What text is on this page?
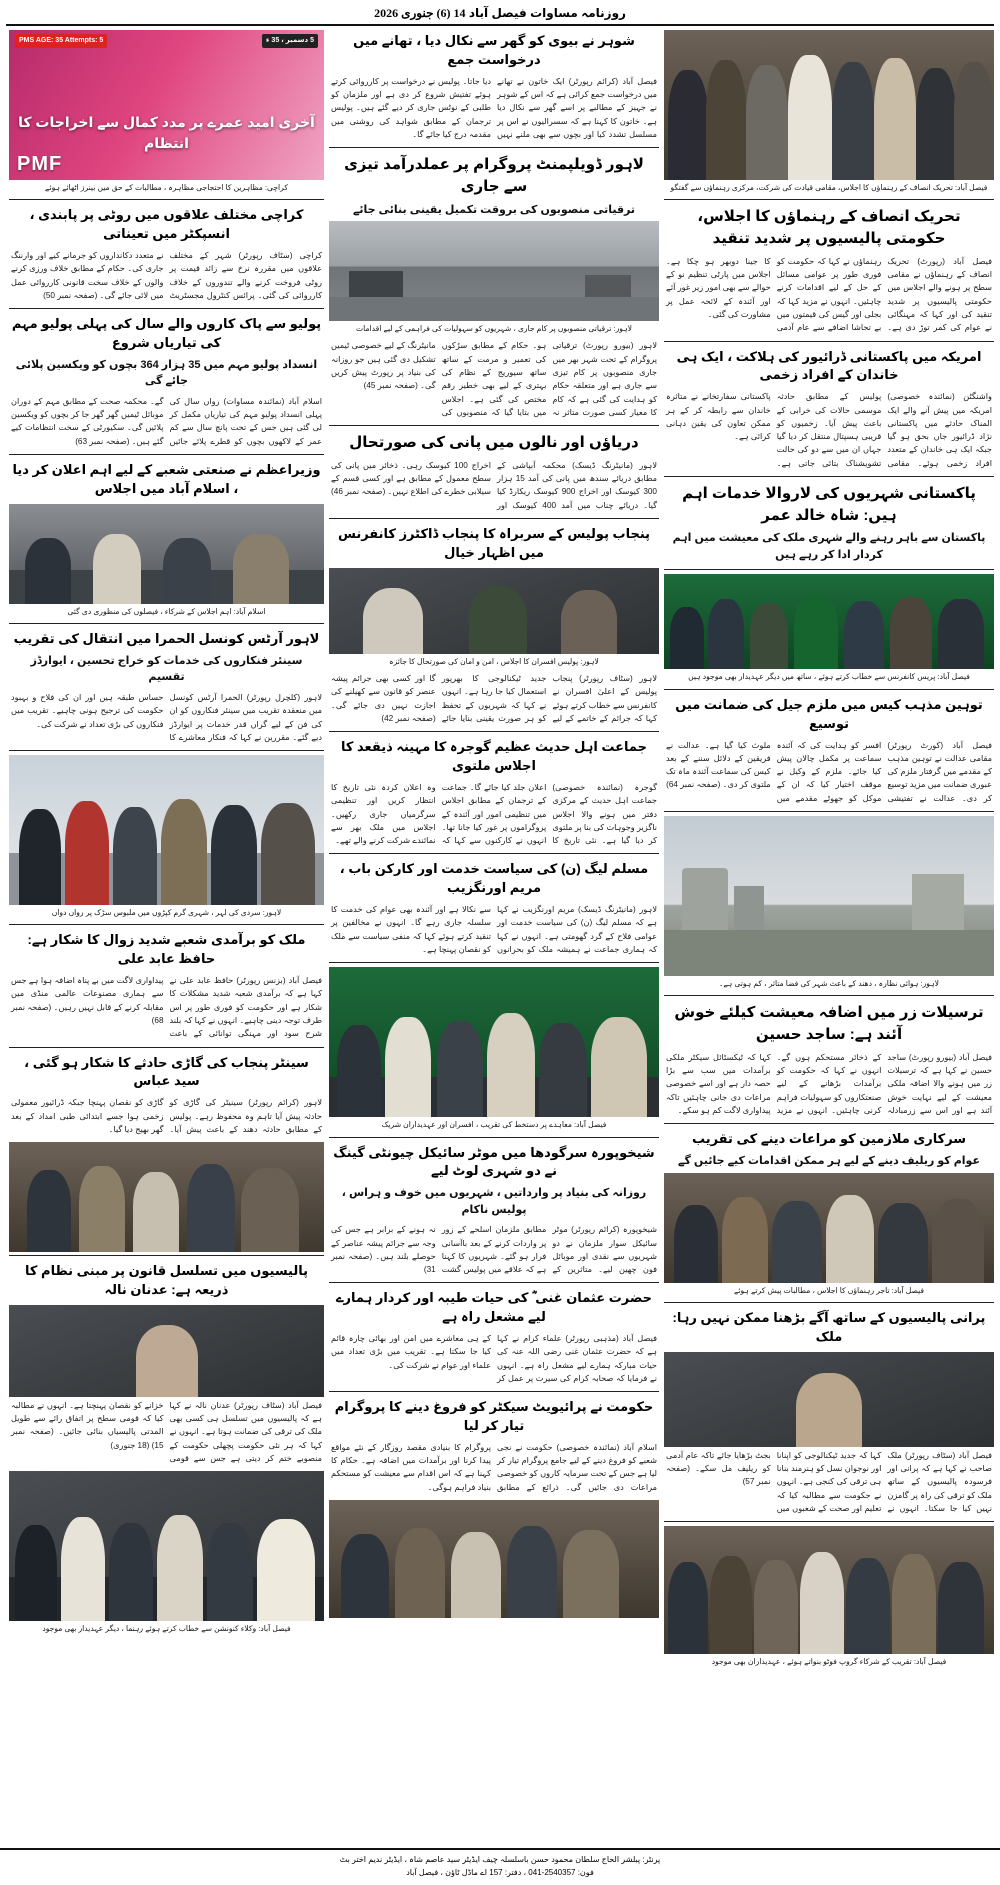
روزنامہ مساوات فیصل آباد 14 (6) جنوری 2026
فیصل آباد: تحریک انصاف کے رہنماؤں کا اجلاس، مقامی قیادت کی شرکت، مرکزی رہنماؤں سے گفتگو
تحریک انصاف کے رہنماؤں کا اجلاس، حکومتی پالیسیوں پر شدید تنقید
فیصل آباد (رپورٹ) تحریک انصاف کے رہنماؤں نے مقامی سطح پر ہونے والے اجلاس میں حکومتی پالیسیوں پر شدید تنقید کی اور کہا کہ مہنگائی نے عوام کی کمر توڑ دی ہے۔ رہنماؤں نے کہا کہ حکومت کو فوری طور پر عوامی مسائل کے حل کے لیے اقدامات کرنے چاہئیں۔ انہوں نے مزید کہا کہ بجلی اور گیس کی قیمتوں میں بے تحاشا اضافے سے عام آدمی کا جینا دوبھر ہو چکا ہے۔ اجلاس میں پارٹی تنظیم نو کے حوالے سے بھی امور زیر غور آئے اور آئندہ کے لائحہ عمل پر مشاورت کی گئی۔
امریکہ میں پاکستانی ڈرائیور کی ہلاکت ، ایک ہی خاندان کے افراد زخمی
واشنگٹن (نمائندہ خصوصی) امریکہ میں پیش آنے والے ایک المناک حادثے میں پاکستانی نژاد ڈرائیور جاں بحق ہو گیا جبکہ ایک ہی خاندان کے متعدد افراد زخمی ہوئے۔ مقامی پولیس کے مطابق حادثہ موسمی حالات کی خرابی کے باعث پیش آیا۔ زخمیوں کو قریبی ہسپتال منتقل کر دیا گیا جہاں ان میں سے دو کی حالت تشویشناک بتائی جاتی ہے۔ پاکستانی سفارتخانے نے متاثرہ خاندان سے رابطہ کر کے ہر ممکن تعاون کی یقین دہانی کرائی ہے۔
پاکستانی شہریوں کی لاروالا خدمات اہم ہیں: شاہ خالد عمر
پاکستان سے باہر رہنے والے شہری ملک کی معیشت میں اہم کردار ادا کر رہے ہیں
فیصل آباد: پریس کانفرنس سے خطاب کرتے ہوئے ، ساتھ میں دیگر عہدیدار بھی موجود ہیں
توہین مذہب کیس میں ملزم جیل کی ضمانت میں توسیع
فیصل آباد (کورٹ رپورٹر) مقامی عدالت نے توہین مذہب کے مقدمے میں گرفتار ملزم کی عبوری ضمانت میں مزید توسیع کر دی۔ عدالت نے تفتیشی افسر کو ہدایت کی کہ آئندہ سماعت پر مکمل چالان پیش کیا جائے۔ ملزم کے وکیل نے موقف اختیار کیا کہ ان کے موکل کو جھوٹے مقدمے میں ملوث کیا گیا ہے۔ عدالت نے فریقین کے دلائل سننے کے بعد کیس کی سماعت آئندہ ماہ تک ملتوی کر دی۔ (صفحہ نمبر 64)
لاہور: ہوائی نظارہ ، دھند کے باعث شہر کی فضا متاثر ، کم ہوتی ہے۔
ترسیلات زر میں اضافہ معیشت کیلئے خوش آئند ہے: ساجد حسین
فیصل آباد (بیورو رپورٹ) ساجد حسین نے کہا ہے کہ ترسیلات زر میں ہونے والا اضافہ ملکی معیشت کے لیے نہایت خوش آئند ہے اور اس سے زرمبادلہ کے ذخائر مستحکم ہوں گے۔ انہوں نے کہا کہ حکومت کو برآمدات بڑھانے کے لیے صنعتکاروں کو سہولیات فراہم کرنی چاہئیں۔ انہوں نے مزید کہا کہ ٹیکسٹائل سیکٹر ملکی برآمدات میں سب سے بڑا حصہ دار ہے اور اسے خصوصی مراعات دی جانی چاہئیں تاکہ پیداواری لاگت کم ہو سکے۔
سرکاری ملازمین کو مراعات دینے کی تقریب
عوام کو ریلیف دینے کے لیے ہر ممکن اقدامات کیے جائیں گے
فیصل آباد: تاجر رہنماؤں کا اجلاس ، مطالبات پیش کرتے ہوئے
پرانی پالیسیوں کے ساتھ آگے بڑھنا ممکن نہیں رہا: ملک
فیصل آباد (سٹاف رپورٹر) ملک صاحب نے کہا ہے کہ پرانی اور فرسودہ پالیسیوں کے ساتھ ملک کو ترقی کی راہ پر گامزن نہیں کیا جا سکتا۔ انہوں نے کہا کہ جدید ٹیکنالوجی کو اپنانا اور نوجوان نسل کو ہنرمند بنانا ہی ترقی کی کنجی ہے۔ انہوں نے حکومت سے مطالبہ کیا کہ تعلیم اور صحت کے شعبوں میں بجٹ بڑھایا جائے تاکہ عام آدمی کو ریلیف مل سکے۔ (صفحہ نمبر 57)
فیصل آباد: تقریب کے شرکاء گروپ فوٹو بنواتے ہوئے ، عہدیداران بھی موجود
شوہر نے بیوی کو گھر سے نکال دیا ، تھانے میں درخواست جمع
فیصل آباد (کرائم رپورٹر) ایک خاتون نے تھانے میں درخواست جمع کرائی ہے کہ اس کے شوہر نے جہیز کے مطالبے پر اسے گھر سے نکال دیا ہے۔ خاتون کا کہنا ہے کہ سسرالیوں نے اس پر مسلسل تشدد کیا اور بچوں سے بھی ملنے نہیں دیا جاتا۔ پولیس نے درخواست پر کارروائی کرتے ہوئے تفتیش شروع کر دی ہے اور ملزمان کو طلبی کے نوٹس جاری کر دیے گئے ہیں۔ پولیس ترجمان کے مطابق شواہد کی روشنی میں مقدمہ درج کیا جائے گا۔
لاہور ڈویلپمنٹ پروگرام پر عملدرآمد تیزی سے جاری
ترقیاتی منصوبوں کی بروقت تکمیل یقینی بنائی جائے
لاہور: ترقیاتی منصوبوں پر کام جاری ، شہریوں کو سہولیات کی فراہمی کے لیے اقدامات
لاہور (بیورو رپورٹ) ترقیاتی پروگرام کے تحت شہر بھر میں جاری منصوبوں پر کام تیزی سے جاری ہے اور متعلقہ حکام کو ہدایت کی گئی ہے کہ کام کا معیار کسی صورت متاثر نہ ہو۔ حکام کے مطابق سڑکوں کی تعمیر و مرمت کے ساتھ ساتھ سیوریج کے نظام کی بہتری کے لیے بھی خطیر رقم مختص کی گئی ہے۔ اجلاس میں بتایا گیا کہ منصوبوں کی مانیٹرنگ کے لیے خصوصی ٹیمیں تشکیل دی گئی ہیں جو روزانہ کی بنیاد پر رپورٹ پیش کریں گی۔ (صفحہ نمبر 45)
دریاؤں اور نالوں میں پانی کی صورتحال
لاہور (مانیٹرنگ ڈیسک) محکمہ آبپاشی کے مطابق دریائے سندھ میں پانی کی آمد 15 ہزار 300 کیوسک اور اخراج 900 کیوسک ریکارڈ کیا گیا۔ دریائے چناب میں آمد 400 کیوسک اور اخراج 100 کیوسک رہی۔ ذخائر میں پانی کی سطح معمول کے مطابق ہے اور کسی قسم کے سیلابی خطرے کی اطلاع نہیں۔ (صفحہ نمبر 46)
پنجاب پولیس کے سربراہ کا پنجاب ڈاکٹرز کانفرنس میں اظہار خیال
لاہور: پولیس افسران کا اجلاس ، امن و امان کی صورتحال کا جائزہ
لاہور (سٹاف رپورٹر) پنجاب پولیس کے اعلیٰ افسران نے کانفرنس سے خطاب کرتے ہوئے کہا کہ جرائم کے خاتمے کے لیے جدید ٹیکنالوجی کا بھرپور استعمال کیا جا رہا ہے۔ انہوں نے کہا کہ شہریوں کے تحفظ کو ہر صورت یقینی بنایا جائے گا اور کسی بھی جرائم پیشہ عنصر کو قانون سے کھیلنے کی اجازت نہیں دی جائے گی۔ (صفحہ نمبر 42)
جماعت اہل حدیث عظیم گوجرہ کا مہینہ ذیقعد کا اجلاس ملتوی
گوجرہ (نمائندہ خصوصی) جماعت اہل حدیث کے مرکزی دفتر میں ہونے والا اجلاس ناگزیر وجوہات کی بنا پر ملتوی کر دیا گیا ہے۔ نئی تاریخ کا اعلان جلد کیا جائے گا۔ جماعت کے ترجمان کے مطابق اجلاس میں تنظیمی امور اور آئندہ کے پروگراموں پر غور کیا جانا تھا۔ انہوں نے کارکنوں سے کہا کہ وہ اعلان کردہ نئی تاریخ کا انتظار کریں اور تنظیمی سرگرمیاں جاری رکھیں۔ اجلاس میں ملک بھر سے نمائندے شرکت کرنے والے تھے۔
مسلم لیگ (ن) کی سیاست خدمت اور کارکن باب ، مریم اورنگزیب
لاہور (مانیٹرنگ ڈیسک) مریم اورنگزیب نے کہا ہے کہ مسلم لیگ (ن) کی سیاست خدمت اور عوامی فلاح کے گرد گھومتی ہے۔ انہوں نے کہا کہ ہماری جماعت نے ہمیشہ ملک کو بحرانوں سے نکالا ہے اور آئندہ بھی عوام کی خدمت کا سلسلہ جاری رہے گا۔ انہوں نے مخالفین پر تنقید کرتے ہوئے کہا کہ منفی سیاست سے ملک کو نقصان پہنچا ہے۔
فیصل آباد: معاہدے پر دستخط کی تقریب ، افسران اور عہدیداران شریک
شیخوپورہ سرگودھا میں موٹر سائیکل چیونٹی گینگ نے دو شہری لوٹ لیے
روزانہ کی بنیاد پر وارداتیں ، شہریوں میں خوف و ہراس ، پولیس ناکام
شیخوپورہ (کرائم رپورٹر) موٹر سائیکل سوار ملزمان نے دو شہریوں سے نقدی اور موبائل فون چھین لیے۔ متاثرین کے مطابق ملزمان اسلحے کے زور پر واردات کرنے کے بعد باآسانی فرار ہو گئے۔ شہریوں کا کہنا ہے کہ علاقے میں پولیس گشت نہ ہونے کے برابر ہے جس کی وجہ سے جرائم پیشہ عناصر کے حوصلے بلند ہیں۔ (صفحہ نمبر 31)
حضرت عثمان غنی ؓ کی حیات طیبہ اور کردار ہمارے لیے مشعل راہ ہے
فیصل آباد (مذہبی رپورٹر) علماء کرام نے کہا ہے کہ حضرت عثمان غنی رضی اللہ عنہ کی حیات مبارکہ ہمارے لیے مشعل راہ ہے۔ انہوں نے فرمایا کہ صحابہ کرام کی سیرت پر عمل کر کے ہی معاشرے میں امن اور بھائی چارہ قائم کیا جا سکتا ہے۔ تقریب میں بڑی تعداد میں علماء اور عوام نے شرکت کی۔
حکومت نے پرائیویٹ سیکٹر کو فروغ دینے کا پروگرام تیار کر لیا
اسلام آباد (نمائندہ خصوصی) حکومت نے نجی شعبے کو فروغ دینے کے لیے جامع پروگرام تیار کر لیا ہے جس کے تحت سرمایہ کاروں کو خصوصی مراعات دی جائیں گی۔ ذرائع کے مطابق پروگرام کا بنیادی مقصد روزگار کے نئے مواقع پیدا کرنا اور برآمدات میں اضافہ ہے۔ حکام کا کہنا ہے کہ اس اقدام سے معیشت کو مستحکم بنیاد فراہم ہوگی۔
PMS AGE: 35 Attempts: 5	5 دسمبر ، 35 ء
آخری امید عمرے پر مدد کمال سے اخراجات کا انتظام
PMF
کراچی: مظاہرین کا احتجاجی مظاہرہ ، مطالبات کے حق میں بینرز اٹھائے ہوئے
کراچی مختلف علاقوں میں روٹی پر پابندی ، انسپکٹر میں تعیناتی
کراچی (سٹاف رپورٹر) شہر کے مختلف علاقوں میں مقررہ نرخ سے زائد قیمت پر روٹی فروخت کرنے والے تندوروں کے خلاف کارروائی کی گئی۔ پرائس کنٹرول مجسٹریٹ نے متعدد دکانداروں کو جرمانے کیے اور وارننگ جاری کی۔ حکام کے مطابق خلاف ورزی کرنے والوں کے خلاف سخت قانونی کارروائی عمل میں لائی جائے گی۔ (صفحہ نمبر 50)
پولیو سے پاک کاروں والے سال کی پہلی پولیو مہم کی تیاریاں شروع
انسداد پولیو مہم میں 35 ہزار 364 بچوں کو ویکسین پلائی جائے گی
اسلام آباد (نمائندہ مساوات) رواں سال کی پہلی انسداد پولیو مہم کی تیاریاں مکمل کر لی گئی ہیں جس کے تحت پانچ سال سے کم عمر کے لاکھوں بچوں کو قطرے پلائے جائیں گے۔ محکمہ صحت کے مطابق مہم کے دوران موبائل ٹیمیں گھر گھر جا کر بچوں کو ویکسین پلائیں گی۔ سکیورٹی کے سخت انتظامات کیے گئے ہیں۔ (صفحہ نمبر 63)
وزیراعظم نے صنعتی شعبے کے لیے اہم اعلان کر دیا ، اسلام آباد میں اجلاس
اسلام آباد: اہم اجلاس کے شرکاء ، فیصلوں کی منظوری دی گئی
لاہور آرٹس کونسل الحمرا میں انتقال کی تقریب
سینئر فنکاروں کی خدمات کو خراج تحسین ، ایوارڈز تقسیم
لاہور (کلچرل رپورٹر) الحمرا آرٹس کونسل میں منعقدہ تقریب میں سینئر فنکاروں کو ان کی فن کے لیے گراں قدر خدمات پر ایوارڈز دیے گئے۔ مقررین نے کہا کہ فنکار معاشرے کا حساس طبقہ ہیں اور ان کی فلاح و بہبود حکومت کی ترجیح ہونی چاہیے۔ تقریب میں فنکاروں کی بڑی تعداد نے شرکت کی۔
لاہور: سردی کی لہر ، شہری گرم کپڑوں میں ملبوس سڑک پر رواں دواں
ملک کو برآمدی شعبے شدید زوال کا شکار ہے: حافظ عابد علی
فیصل آباد (بزنس رپورٹر) حافظ عابد علی نے کہا ہے کہ برآمدی شعبہ شدید مشکلات کا شکار ہے اور حکومت کو فوری طور پر اس طرف توجہ دینی چاہیے۔ انہوں نے کہا کہ بلند شرح سود اور مہنگی توانائی کے باعث پیداواری لاگت میں بے پناہ اضافہ ہوا ہے جس سے ہماری مصنوعات عالمی منڈی میں مقابلہ کرنے کے قابل نہیں رہیں۔ (صفحہ نمبر 68)
سینٹر پنجاب کی گاڑی حادثے کا شکار ہو گئی ، سید عباس
لاہور (کرائم رپورٹر) سینیٹر کی گاڑی کو حادثہ پیش آیا تاہم وہ محفوظ رہے۔ پولیس کے مطابق حادثہ دھند کے باعث پیش آیا۔ گاڑی کو نقصان پہنچا جبکہ ڈرائیور معمولی زخمی ہوا جسے ابتدائی طبی امداد کے بعد گھر بھیج دیا گیا۔
پالیسیوں میں تسلسل قانون پر مبنی نظام کا ذریعہ ہے: عدنان نالہ
فیصل آباد (سٹاف رپورٹر) عدنان نالہ نے کہا ہے کہ پالیسیوں میں تسلسل ہی کسی بھی ملک کی ترقی کی ضمانت ہوتا ہے۔ انہوں نے کہا کہ ہر نئی حکومت پچھلی حکومت کے منصوبے ختم کر دیتی ہے جس سے قومی خزانے کو نقصان پہنچتا ہے۔ انہوں نے مطالبہ کیا کہ قومی سطح پر اتفاق رائے سے طویل المدتی پالیسیاں بنائی جائیں۔ (صفحہ نمبر 15) (18 جنوری)
فیصل آباد: وکلاء کنونشن سے خطاب کرتے ہوئے رہنما ، دیگر عہدیدار بھی موجود
پرنٹر: پبلشر الحاج سلطان محمود حسن باسلسلہ چیف ایڈیٹر سید عاصم شاہ ، ایڈیٹر ندیم اختر بٹ
فون: 2540357-041 ، دفتر: 157 اے ماڈل ٹاؤن ، فیصل آباد
